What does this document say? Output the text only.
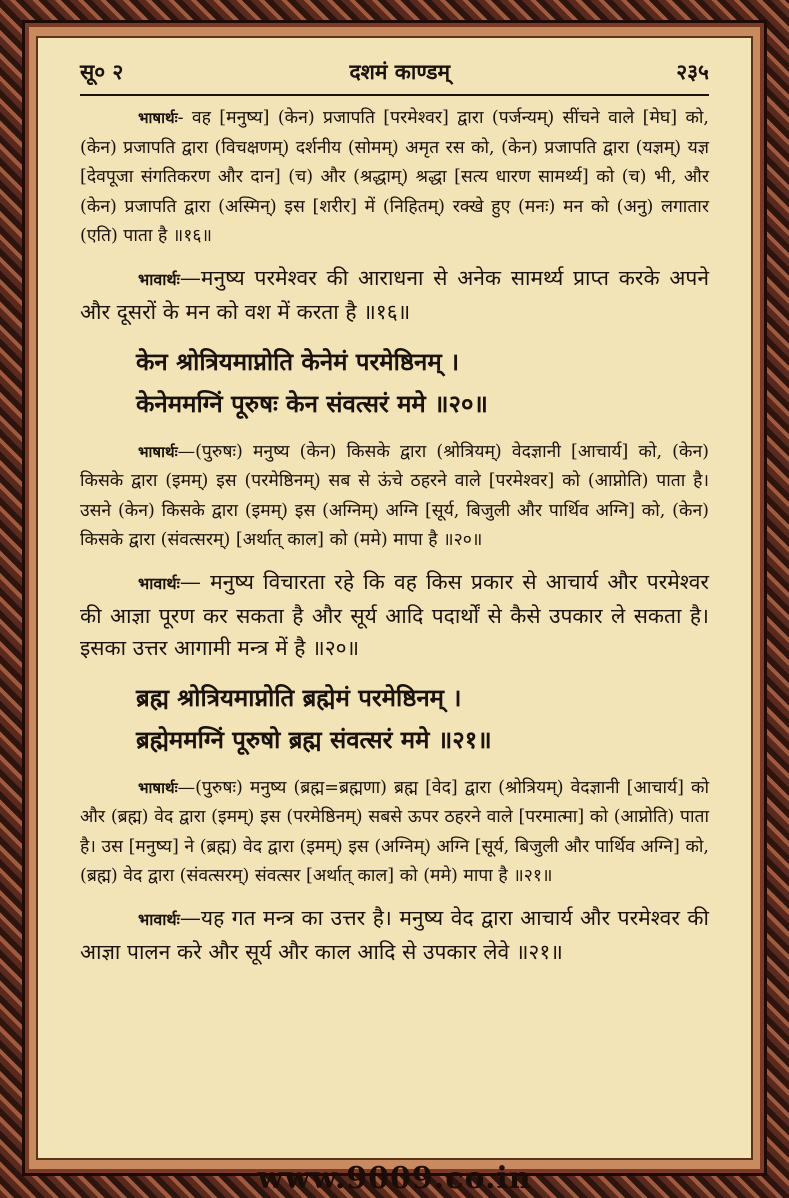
सू० २	दशमं काण्डम्	२३५

भाषार्थः- वह [मनुष्य] (केन) प्रजापति [परमेश्वर] द्वारा (पर्जन्यम्) सींचने वाले [मेघ] को, (केन) प्रजापति द्वारा (विचक्षणम्) दर्शनीय (सोमम्) अमृत रस को, (केन) प्रजापति द्वारा (यज्ञम्) यज्ञ [देवपूजा संगतिकरण और दान] (च) और (श्रद्धाम्) श्रद्धा [सत्य धारण सामर्थ्य] को (च) भी, और (केन) प्रजापति द्वारा (अस्मिन्) इस [शरीर] में (निहितम्) रक्खे हुए (मनः) मन को (अनु) लगातार (एति) पाता है ॥१६॥

भावार्थः—मनुष्य परमेश्वर की आराधना से अनेक सामर्थ्य प्राप्त करके अपने और दूसरों के मन को वश में करता है ॥१६॥

केन श्रोत्रियमाप्नोति केनेमं परमेष्ठिनम् ।
केनेममग्निं पूरुषः केन संवत्सरं ममे ॥२०॥

भाषार्थः—(पुरुषः) मनुष्य (केन) किसके द्वारा (श्रोत्रियम्) वेदज्ञानी [आचार्य] को, (केन) किसके द्वारा (इमम्) इस (परमेष्ठिनम्) सब से ऊंचे ठहरने वाले [परमेश्वर] को (आप्नोति) पाता है। उसने (केन) किसके द्वारा (इमम्) इस (अग्निम्) अग्नि [सूर्य, बिजुली और पार्थिव अग्नि] को, (केन) किसके द्वारा (संवत्सरम्) [अर्थात् काल] को (ममे) मापा है ॥२०॥

भावार्थः— मनुष्य विचारता रहे कि वह किस प्रकार से आचार्य और परमेश्वर की आज्ञा पूरण कर सकता है और सूर्य आदि पदार्थों से कैसे उपकार ले सकता है। इसका उत्तर आगामी मन्त्र में है ॥२०॥

ब्रह्म श्रोत्रियमाप्नोति ब्रह्मेमं परमेष्ठिनम् ।
ब्रह्मेममग्निं पूरुषो ब्रह्म संवत्सरं ममे ॥२१॥

भाषार्थः—(पुरुषः) मनुष्य (ब्रह्म=ब्रह्मणा) ब्रह्म [वेद] द्वारा (श्रोत्रियम्) वेदज्ञानी [आचार्य] को और (ब्रह्म) वेद द्वारा (इमम्) इस (परमेष्ठिनम्) सबसे ऊपर ठहरने वाले [परमात्मा] को (आप्नोति) पाता है। उस [मनुष्य] ने (ब्रह्म) वेद द्वारा (इमम्) इस (अग्निम्) अग्नि [सूर्य, बिजुली और पार्थिव अग्नि] को, (ब्रह्म) वेद द्वारा (संवत्सरम्) संवत्सर [अर्थात् काल] को (ममे) मापा है ॥२१॥

भावार्थः—यह गत मन्त्र का उत्तर है। मनुष्य वेद द्वारा आचार्य और परमेश्वर की आज्ञा पालन करे और सूर्य और काल आदि से उपकार लेवे ॥२१॥

www.9009.co.in
